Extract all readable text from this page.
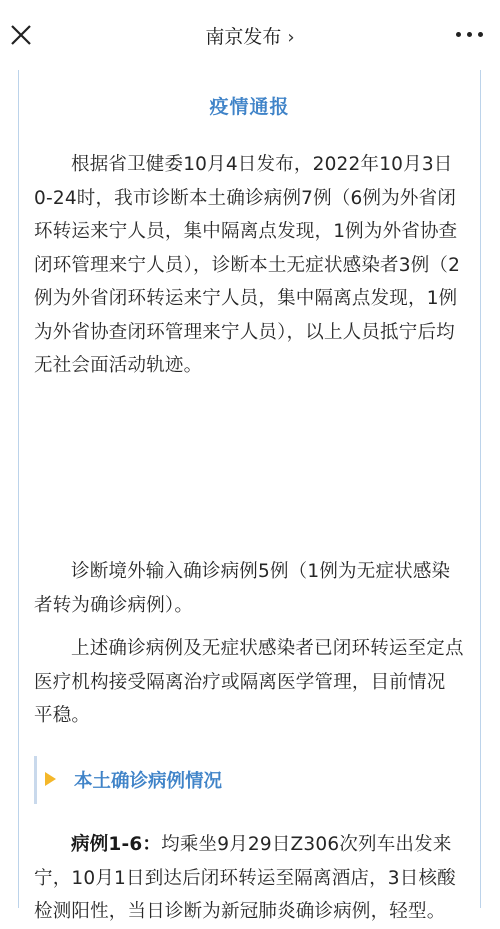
南京发布 ›
疫情通报

根据省卫健委10月4日发布，2022年10月3日0-24时，我市诊断本土确诊病例7例（6例为外省闭环转运来宁人员，集中隔离点发现，1例为外省协查闭环管理来宁人员），诊断本土无症状感染者3例（2例为外省闭环转运来宁人员，集中隔离点发现，1例为外省协查闭环管理来宁人员），以上人员抵宁后均无社会面活动轨迹。

诊断境外输入确诊病例5例（1例为无症状感染者转为确诊病例）。

上述确诊病例及无症状感染者已闭环转运至定点医疗机构接受隔离治疗或隔离医学管理，目前情况平稳。

本土确诊病例情况

病例1-6：均乘坐9月29日Z306次列车出发来宁，10月1日到达后闭环转运至隔离酒店，3日核酸检测阳性，当日诊断为新冠肺炎确诊病例，轻型。
